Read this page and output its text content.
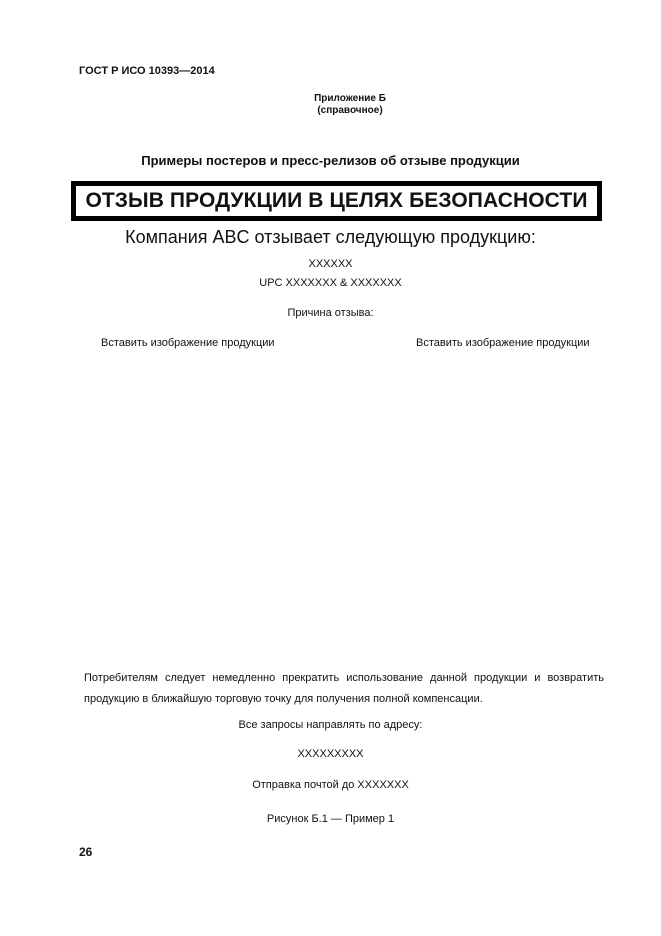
ГОСТ Р ИСО 10393—2014
Приложение Б
(справочное)
Примеры постеров и пресс-релизов об отзыве продукции
ОТЗЫВ ПРОДУКЦИИ В ЦЕЛЯХ БЕЗОПАСНОСТИ
Компания ABC отзывает следующую продукцию:
XXXXXX
UPC XXXXXXX & XXXXXXX
Причина отзыва:
Вставить изображение продукции	Вставить изображение продукции
Потребителям следует немедленно прекратить использование данной продукции и возвратить продукцию в ближайшую торговую точку для получения полной компенсации.
Все запросы направлять по адресу:
XXXXXXXXX
Отправка почтой до XXXXXXX
Рисунок Б.1 — Пример 1
26
